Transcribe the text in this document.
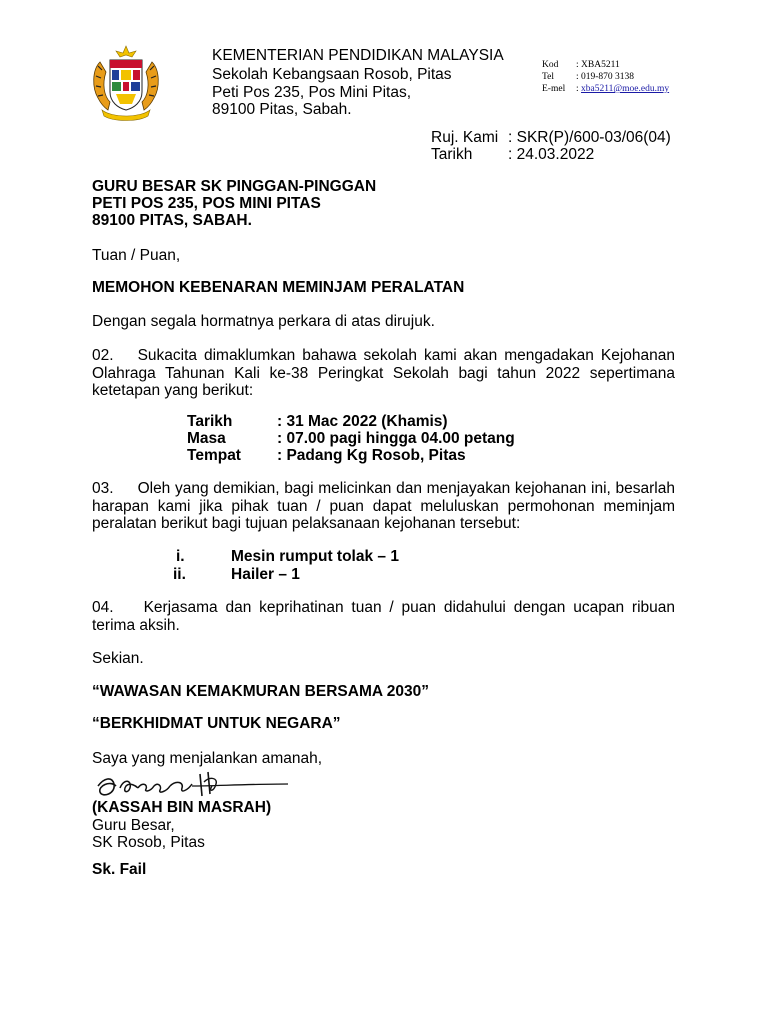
KEMENTERIAN PENDIDIKAN MALAYSIA
Sekolah Kebangsaan Rosob, Pitas
Peti Pos 235, Pos Mini Pitas,
89100 Pitas, Sabah.
Kod : XBA5211
Tel : 019-870 3138
E-mel : xba5211@moe.edu.my
Ruj. Kami : SKR(P)/600-03/06(04)
Tarikh : 24.03.2022
GURU BESAR SK PINGGAN-PINGGAN
PETI POS 235, POS MINI PITAS
89100 PITAS, SABAH.
Tuan / Puan,
MEMOHON KEBENARAN MEMINJAM PERALATAN
Dengan segala hormatnya perkara di atas dirujuk.
02. Sukacita dimaklumkan bahawa sekolah kami akan mengadakan Kejohanan Olahraga Tahunan Kali ke-38 Peringkat Sekolah bagi tahun 2022 sepertimana ketetapan yang berikut:
Tarikh	: 31 Mac 2022 (Khamis)
Masa	: 07.00 pagi hingga 04.00 petang
Tempat : Padang Kg Rosob, Pitas
03. Oleh yang demikian, bagi melicinkan dan menjayakan kejohanan ini, besarlah harapan kami jika pihak tuan / puan dapat meluluskan permohonan meminjam peralatan berikut bagi tujuan pelaksanaan kejohanan tersebut:
i.	Mesin rumput tolak – 1
ii.	Hailer – 1
04. Kerjasama dan keprihatinan tuan / puan didahului dengan ucapan ribuan terima aksih.
Sekian.
“WAWASAN KEMAKMURAN BERSAMA 2030”
“BERKHIDMAT UNTUK NEGARA”
Saya yang menjalankan amanah,
(KASSAH BIN MASRAH)
Guru Besar,
SK Rosob, Pitas
Sk. Fail
